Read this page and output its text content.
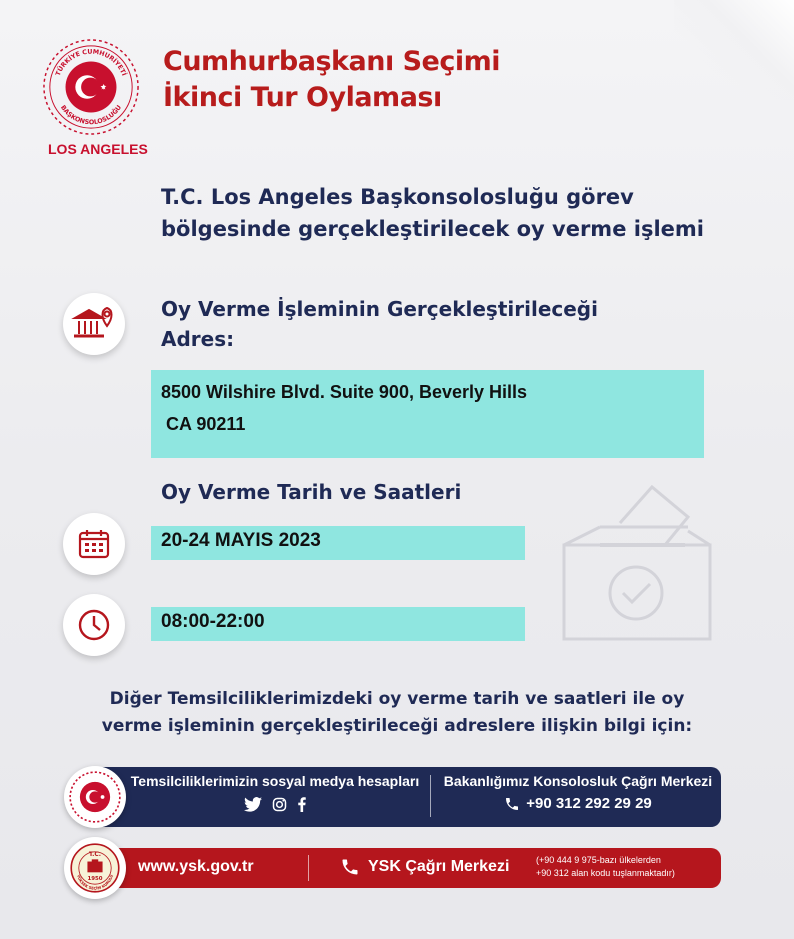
TÜRKİYE CUMHURİYETİ
BAŞKONSOLOSLUĞU
LOS ANGELES
Cumhurbaşkanı Seçimi
İkinci Tur Oylaması
T.C. Los Angeles Başkonsolosluğu görev
bölgesinde gerçekleştirilecek oy verme işlemi
Oy Verme İşleminin Gerçekleştirileceği
Adres:
8500 Wilshire Blvd. Suite 900, Beverly Hills
CA 90211
Oy Verme Tarih ve Saatleri
20-24 MAYIS 2023
08:00-22:00
Diğer Temsilciliklerimizdeki oy verme tarih ve saatleri ile oy
verme işleminin gerçekleştirileceği adreslere ilişkin bilgi için:
Temsilciliklerimizin sosyal medya hesapları Bakanlığımız Konsolosluk Çağrı Merkezi
+90 312 292 29 29
www.ysk.gov.tr	YSK Çağrı Merkezi	(+90 444 9 975-bazı ülkelerden
+90 312 alan kodu tuşlanmaktadır)
T.C.
1950
YÜKSEK SEÇİM KURULU
